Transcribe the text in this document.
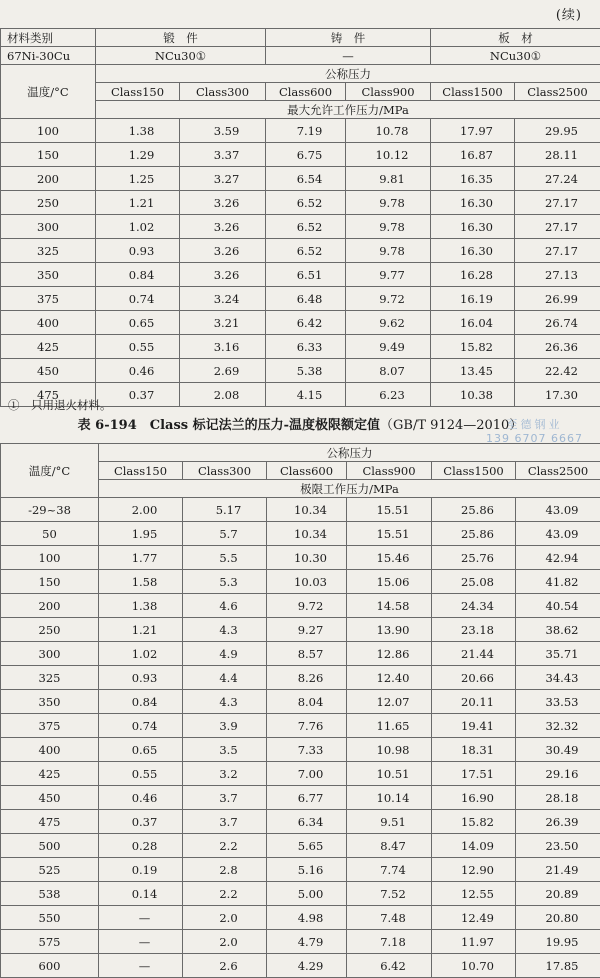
(续)
材料类别	锻　件		铸　件		板　材	
67Ni-30Cu	NCu30①		—		NCu30①	
温度/°C	公称压力					
	Class150	Class300	Class600	Class900	Class1500	Class2500
	最大允许工作压力/MPa					
100	1.38	3.59	7.19	10.78	17.97	29.95
150	1.29	3.37	6.75	10.12	16.87	28.11
200	1.25	3.27	6.54	9.81	16.35	27.24
250	1.21	3.26	6.52	9.78	16.30	27.17
300	1.02	3.26	6.52	9.78	16.30	27.17
325	0.93	3.26	6.52	9.78	16.30	27.17
350	0.84	3.26	6.51	9.77	16.28	27.13
375	0.74	3.24	6.48	9.72	16.19	26.99
400	0.65	3.21	6.42	9.62	16.04	26.74
425	0.55	3.16	6.33	9.49	15.82	26.36
450	0.46	2.69	5.38	8.07	13.45	22.42
475	0.37	2.08	4.15	6.23	10.38	17.30
①　只用退火材料。
表 6-194　Class 标记法兰的压力-温度极限额定值（GB/T 9124—2010）
至德钢业
139 6707 6667
温度/°C	公称压力					
	Class150	Class300	Class600	Class900	Class1500	Class2500
	极限工作压力/MPa					
-29~38	2.00	5.17	10.34	15.51	25.86	43.09
50	1.95	5.7	10.34	15.51	25.86	43.09
100	1.77	5.5	10.30	15.46	25.76	42.94
150	1.58	5.3	10.03	15.06	25.08	41.82
200	1.38	4.6	9.72	14.58	24.34	40.54
250	1.21	4.3	9.27	13.90	23.18	38.62
300	1.02	4.9	8.57	12.86	21.44	35.71
325	0.93	4.4	8.26	12.40	20.66	34.43
350	0.84	4.3	8.04	12.07	20.11	33.53
375	0.74	3.9	7.76	11.65	19.41	32.32
400	0.65	3.5	7.33	10.98	18.31	30.49
425	0.55	3.2	7.00	10.51	17.51	29.16
450	0.46	3.7	6.77	10.14	16.90	28.18
475	0.37	3.7	6.34	9.51	15.82	26.39
500	0.28	2.2	5.65	8.47	14.09	23.50
525	0.19	2.8	5.16	7.74	12.90	21.49
538	0.14	2.2	5.00	7.52	12.55	20.89
550	—	2.0	4.98	7.48	12.49	20.80
575	—	2.0	4.79	7.18	11.97	19.95
600	—	2.6	4.29	6.42	10.70	17.85
